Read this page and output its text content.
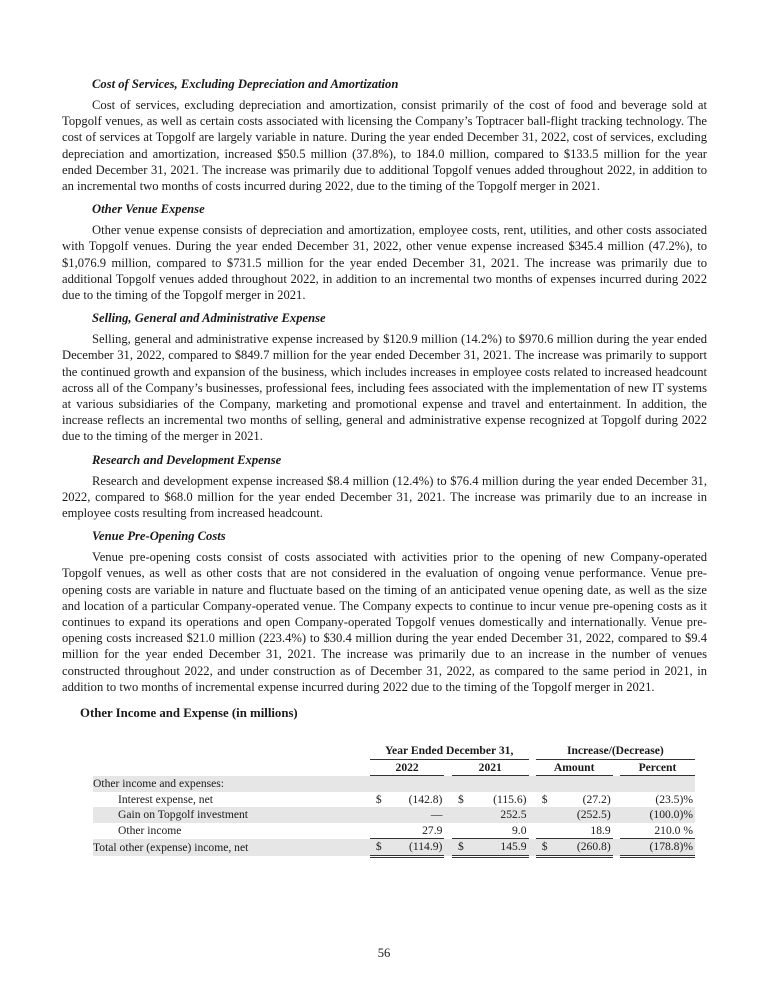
Cost of Services, Excluding Depreciation and Amortization

Cost of services, excluding depreciation and amortization, consist primarily of the cost of food and beverage sold at Topgolf venues, as well as certain costs associated with licensing the Company’s Toptracer ball-flight tracking technology. The cost of services at Topgolf are largely variable in nature. During the year ended December 31, 2022, cost of services, excluding depreciation and amortization, increased $50.5 million (37.8%), to 184.0 million, compared to $133.5 million for the year ended December 31, 2021. The increase was primarily due to additional Topgolf venues added throughout 2022, in addition to an incremental two months of costs incurred during 2022, due to the timing of the Topgolf merger in 2021.

Other Venue Expense

Other venue expense consists of depreciation and amortization, employee costs, rent, utilities, and other costs associated with Topgolf venues. During the year ended December 31, 2022, other venue expense increased $345.4 million (47.2%), to $1,076.9 million, compared to $731.5 million for the year ended December 31, 2021. The increase was primarily due to additional Topgolf venues added throughout 2022, in addition to an incremental two months of expenses incurred during 2022 due to the timing of the Topgolf merger in 2021.

Selling, General and Administrative Expense

Selling, general and administrative expense increased by $120.9 million (14.2%) to $970.6 million during the year ended December 31, 2022, compared to $849.7 million for the year ended December 31, 2021. The increase was primarily to support the continued growth and expansion of the business, which includes increases in employee costs related to increased headcount across all of the Company’s businesses, professional fees, including fees associated with the implementation of new IT systems at various subsidiaries of the Company, marketing and promotional expense and travel and entertainment. In addition, the increase reflects an incremental two months of selling, general and administrative expense recognized at Topgolf during 2022 due to the timing of the merger in 2021.

Research and Development Expense

Research and development expense increased $8.4 million (12.4%) to $76.4 million during the year ended December 31, 2022, compared to $68.0 million for the year ended December 31, 2021. The increase was primarily due to an increase in employee costs resulting from increased headcount.

Venue Pre-Opening Costs

Venue pre-opening costs consist of costs associated with activities prior to the opening of new Company-operated Topgolf venues, as well as other costs that are not considered in the evaluation of ongoing venue performance. Venue pre-opening costs are variable in nature and fluctuate based on the timing of an anticipated venue opening date, as well as the size and location of a particular Company-operated venue. The Company expects to continue to incur venue pre-opening costs as it continues to expand its operations and open Company-operated Topgolf venues domestically and internationally. Venue pre-opening costs increased $21.0 million (223.4%) to $30.4 million during the year ended December 31, 2022, compared to $9.4 million for the year ended December 31, 2021. The increase was primarily due to an increase in the number of venues constructed throughout 2022, and under construction as of December 31, 2022, as compared to the same period in 2021, in addition to two months of incremental expense incurred during 2022 due to the timing of the Topgolf merger in 2021.

Other Income and Expense (in millions)
	Year Ended December 31,						Increase/(Decrease)			
	2022			2021			Amount			Percent
Other income and expenses:										
Interest expense, net	$	(142.8)		$	(115.6)		$	(27.2)		(23.5)%
Gain on Topgolf investment		—			252.5			(252.5)		(100.0)%
Other income		27.9			9.0			18.9		210.0 %
Total other (expense) income, net	$	(114.9)		$	145.9		$	(260.8)		(178.8)%
56
